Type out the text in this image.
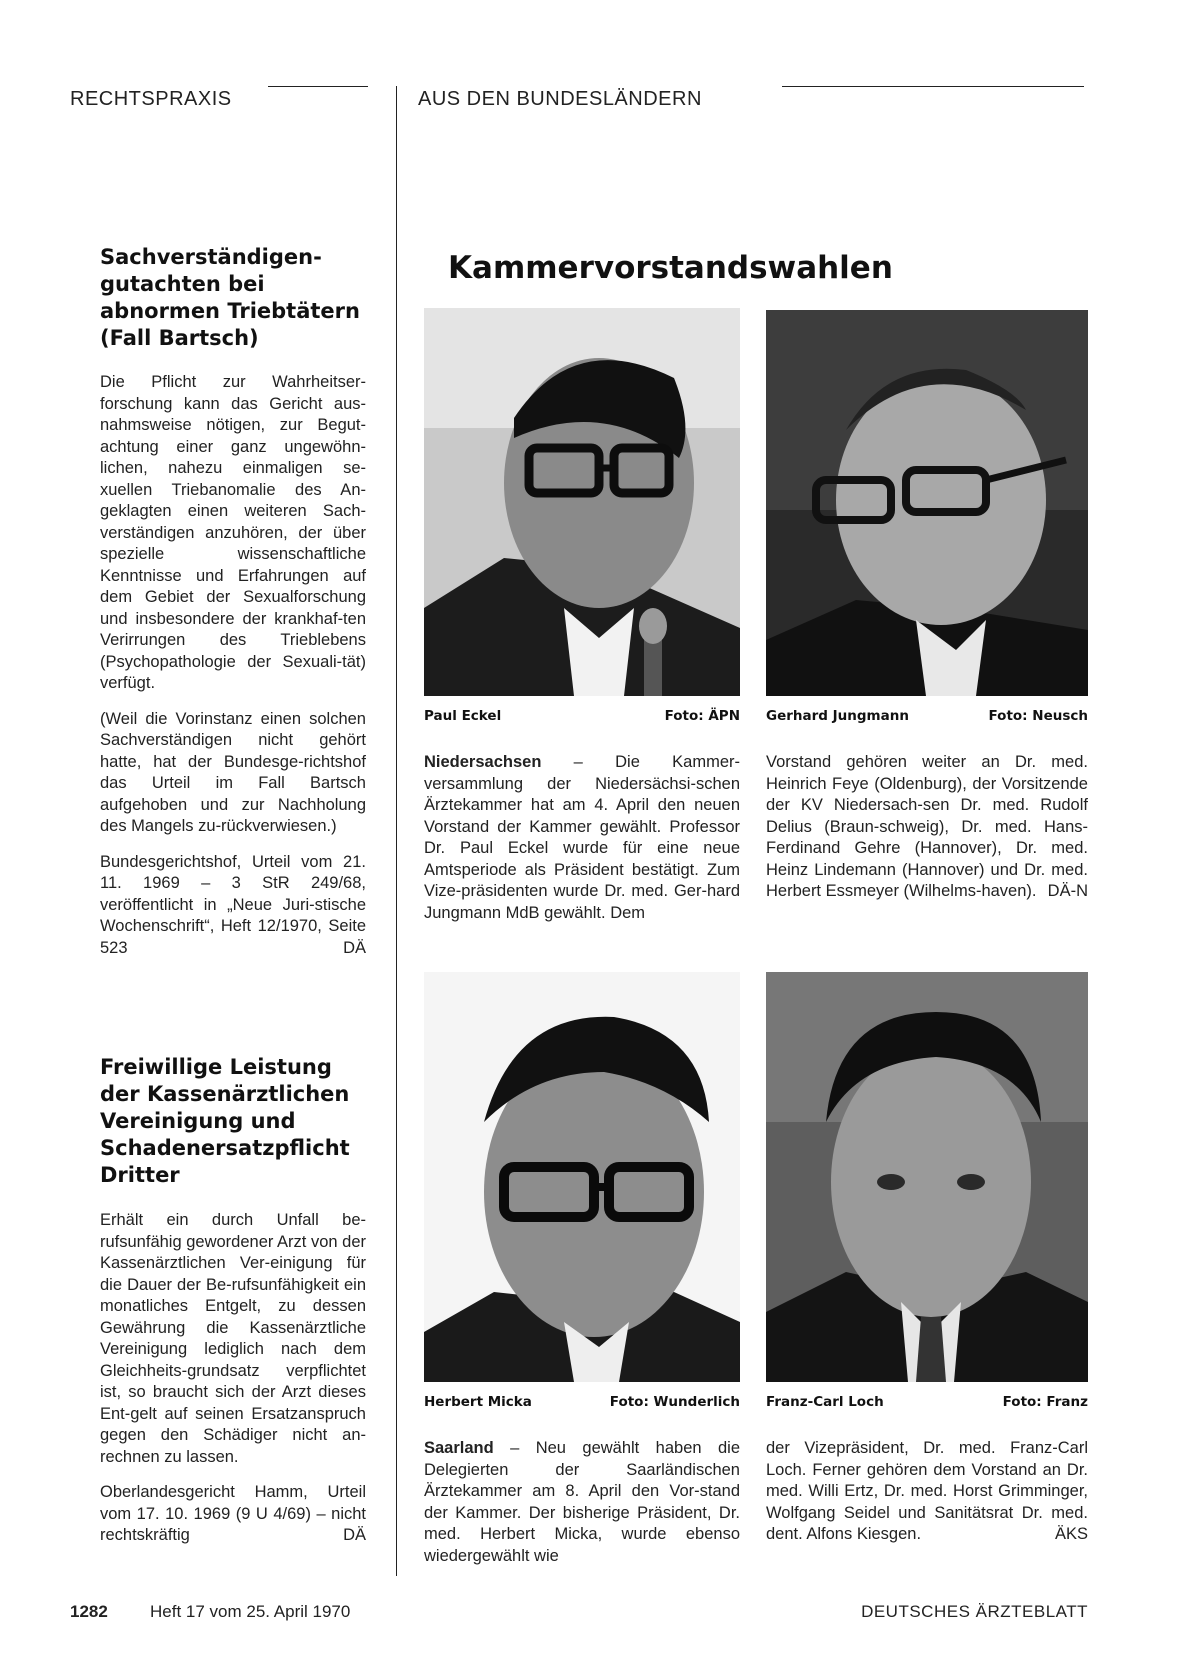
RECHTSPRAXIS	AUS DEN BUNDESLÄNDERN
Sachverständigen-
gutachten bei
abnormen Triebtätern
(Fall Bartsch)

Die Pflicht zur Wahrheitser-forschung kann das Gericht aus-nahmsweise nötigen, zur Begut-achtung einer ganz ungewöhn-lichen, nahezu einmaligen se-xuellen Triebanomalie des An-geklagten einen weiteren Sach-verständigen anzuhören, der über spezielle wissenschaftliche Kenntnisse und Erfahrungen auf dem Gebiet der Sexualforschung und insbesondere der krankhaf-ten Verirrungen des Trieblebens (Psychopathologie der Sexuali-tät) verfügt.

(Weil die Vorinstanz einen solchen Sachverständigen nicht gehört hatte, hat der Bundesge-richtshof das Urteil im Fall Bartsch aufgehoben und zur Nachholung des Mangels zu-rückverwiesen.)

Bundesgerichtshof, Urteil vom 21. 11. 1969 – 3 StR 249/68, veröffentlicht in „Neue Juri-stische Wochenschrift“, Heft 12/1970, Seite 523	DÄ

Freiwillige Leistung
der Kassenärztlichen
Vereinigung und
Schadenersatzpflicht
Dritter

Erhält ein durch Unfall be-rufsunfähig gewordener Arzt von der Kassenärztlichen Ver-einigung für die Dauer der Be-rufsunfähigkeit ein monatliches Entgelt, zu dessen Gewährung die Kassenärztliche Vereinigung lediglich nach dem Gleichheits-grundsatz verpflichtet ist, so braucht sich der Arzt dieses Ent-gelt auf seinen Ersatzanspruch gegen den Schädiger nicht an-rechnen zu lassen.

Oberlandesgericht Hamm, Urteil vom 17. 10. 1969 (9 U 4/69) – nicht rechtskräftig	DÄ

Kammervorstandswahlen
Paul Eckel	Foto: ÄPN Gerhard Jungmann	Foto: Neusch
Niedersachsen – Die Kammer-versammlung der Niedersächsi-schen Ärztekammer hat am 4. April den neuen Vorstand der Kammer gewählt. Professor Dr. Paul Eckel wurde für eine neue Amtsperiode als Präsident bestätigt. Zum Vize-präsidenten wurde Dr. med. Ger-hard Jungmann MdB gewählt. Dem
Vorstand gehören weiter an Dr. med. Heinrich Feye (Oldenburg), der Vorsitzende der KV Niedersach-sen Dr. med. Rudolf Delius (Braun-schweig), Dr. med. Hans-Ferdinand Gehre (Hannover), Dr. med. Heinz Lindemann (Hannover) und Dr. med. Herbert Essmeyer (Wilhelms-haven). DÄ-N
Herbert Micka	Foto: Wunderlich Franz-Carl Loch	Foto: Franz
Saarland – Neu gewählt haben die Delegierten der Saarländischen Ärztekammer am 8. April den Vor-stand der Kammer. Der bisherige Präsident, Dr. med. Herbert Micka, wurde ebenso wiedergewählt wie
der Vizepräsident, Dr. med. Franz-Carl Loch. Ferner gehören dem Vorstand an Dr. med. Willi Ertz, Dr. med. Horst Grimminger, Wolfgang Seidel und Sanitätsrat Dr. med. dent. Alfons Kiesgen.	ÄKS
1282 Heft 17 vom 25. April 1970	DEUTSCHES ÄRZTEBLATT
